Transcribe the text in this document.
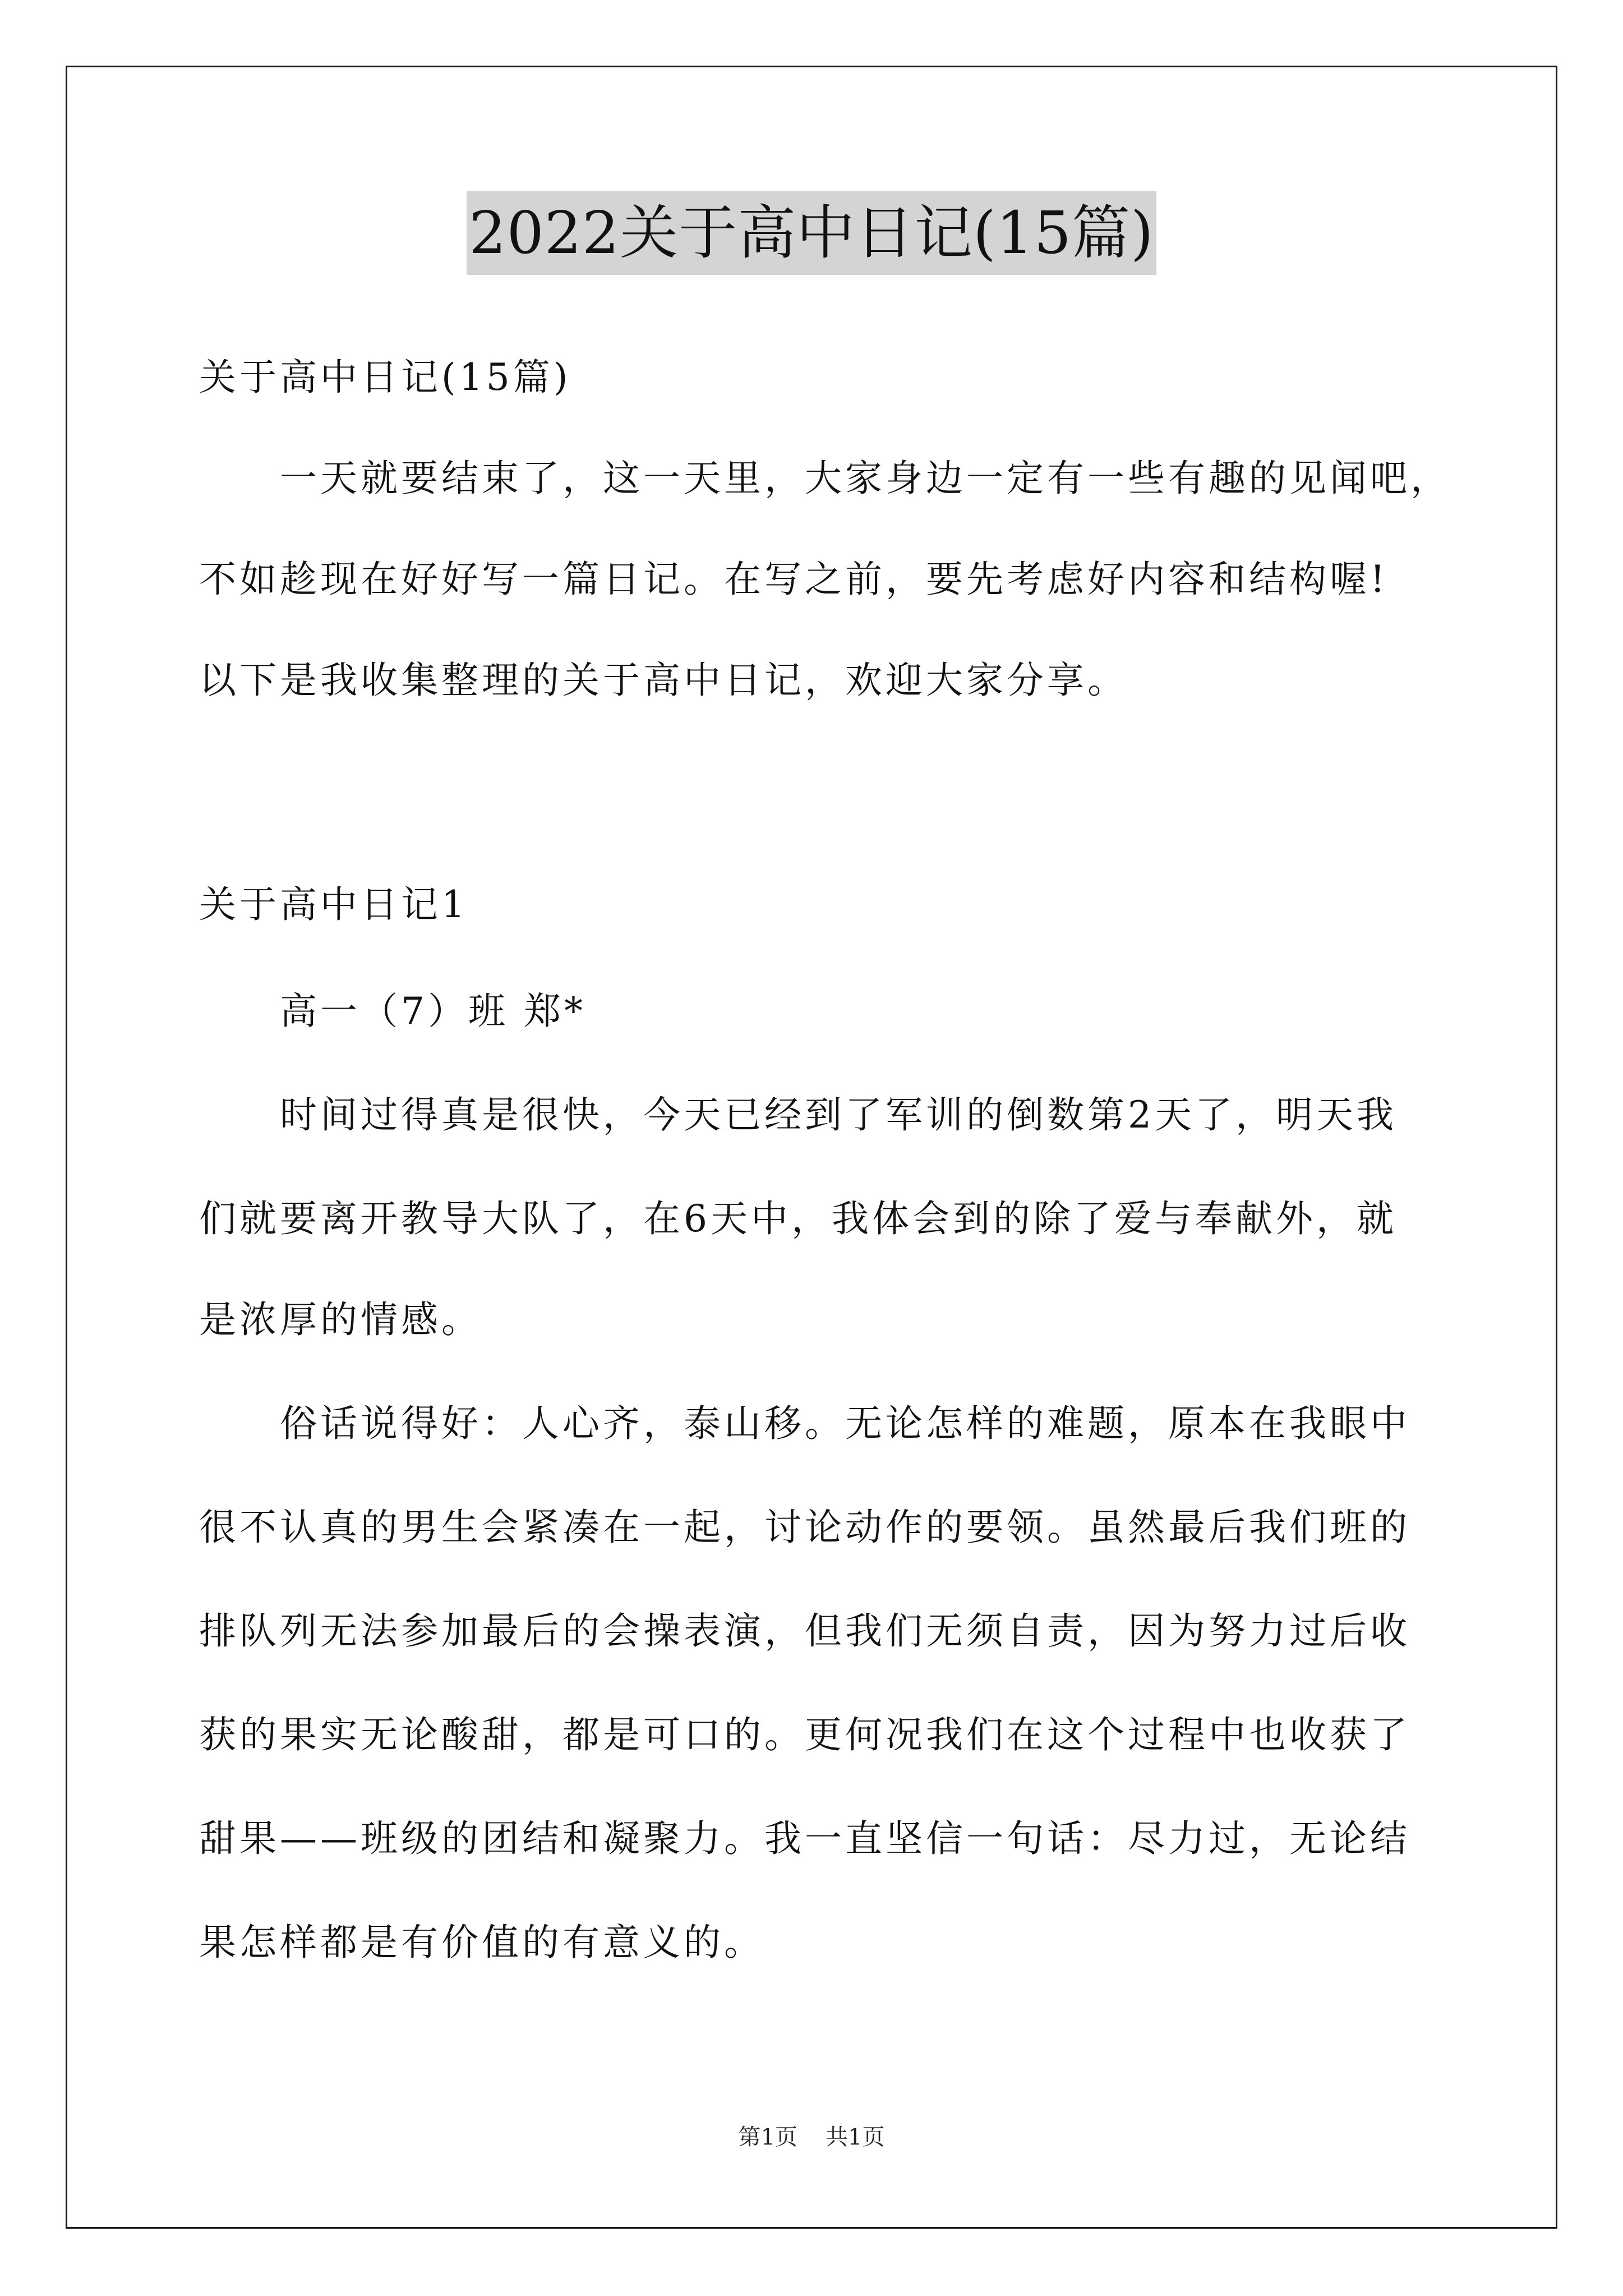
2022关于高中日记(15篇)
关于高中日记(15篇)
　　一天就要结束了，这一天里，大家身边一定有一些有趣的见闻吧，
不如趁现在好好写一篇日记。在写之前，要先考虑好内容和结构喔!
以下是我收集整理的关于高中日记，欢迎大家分享。
关于高中日记1
　　高一（7）班 郑*
　　时间过得真是很快，今天已经到了军训的倒数第2天了，明天我
们就要离开教导大队了，在6天中，我体会到的除了爱与奉献外，就
是浓厚的情感。
　　俗话说得好：人心齐，泰山移。无论怎样的难题，原本在我眼中
很不认真的男生会紧凑在一起，讨论动作的要领。虽然最后我们班的
排队列无法参加最后的会操表演，但我们无须自责，因为努力过后收
获的果实无论酸甜，都是可口的。更何况我们在这个过程中也收获了
甜果——班级的团结和凝聚力。我一直坚信一句话：尽力过，无论结
果怎样都是有价值的有意义的。
第1页 共1页
